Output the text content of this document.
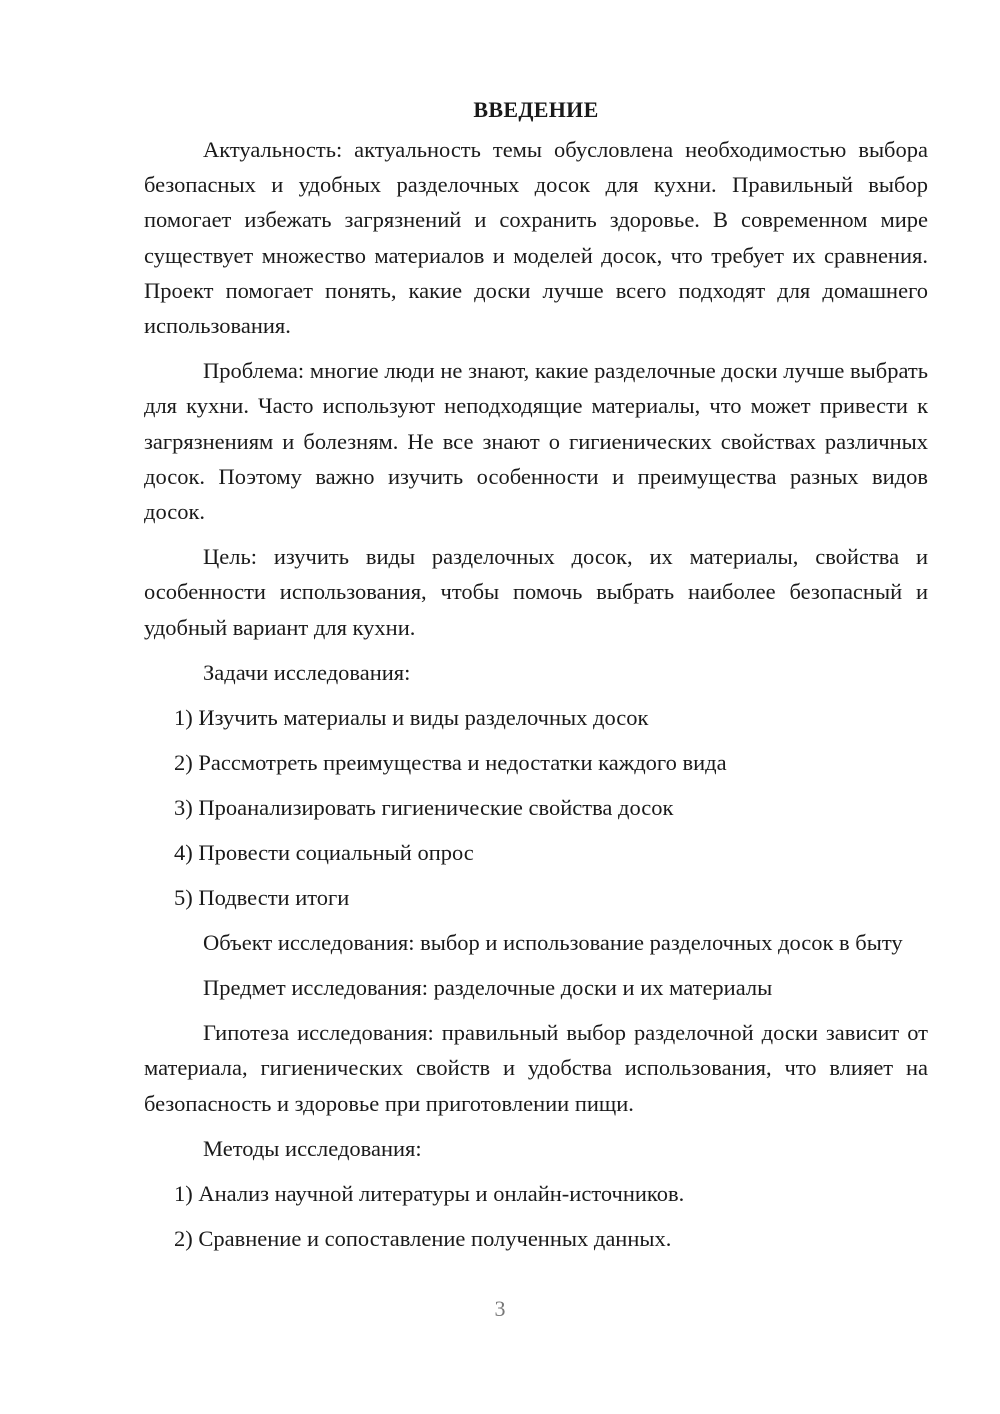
ВВЕДЕНИЕ

Актуальность: актуальность темы обусловлена необходимостью выбора безопасных и удобных разделочных досок для кухни. Правильный выбор помогает избежать загрязнений и сохранить здоровье. В современном мире существует множество материалов и моделей досок, что требует их сравнения. Проект помогает понять, какие доски лучше всего подходят для домашнего использования.

Проблема: многие люди не знают, какие разделочные доски лучше выбрать для кухни. Часто используют неподходящие материалы, что может привести к загрязнениям и болезням. Не все знают о гигиенических свойствах различных досок. Поэтому важно изучить особенности и преимущества разных видов досок.

Цель: изучить виды разделочных досок, их материалы, свойства и особенности использования, чтобы помочь выбрать наиболее безопасный и удобный вариант для кухни.

Задачи исследования:

1) Изучить материалы и виды разделочных досок

2) Рассмотреть преимущества и недостатки каждого вида

3) Проанализировать гигиенические свойства досок

4) Провести социальный опрос

5) Подвести итоги

Объект исследования: выбор и использование разделочных досок в быту

Предмет исследования: разделочные доски и их материалы

Гипотеза исследования: правильный выбор разделочной доски зависит от материала, гигиенических свойств и удобства использования, что влияет на безопасность и здоровье при приготовлении пищи.

Методы исследования:

1) Анализ научной литературы и онлайн-источников.

2) Сравнение и сопоставление полученных данных.

3
